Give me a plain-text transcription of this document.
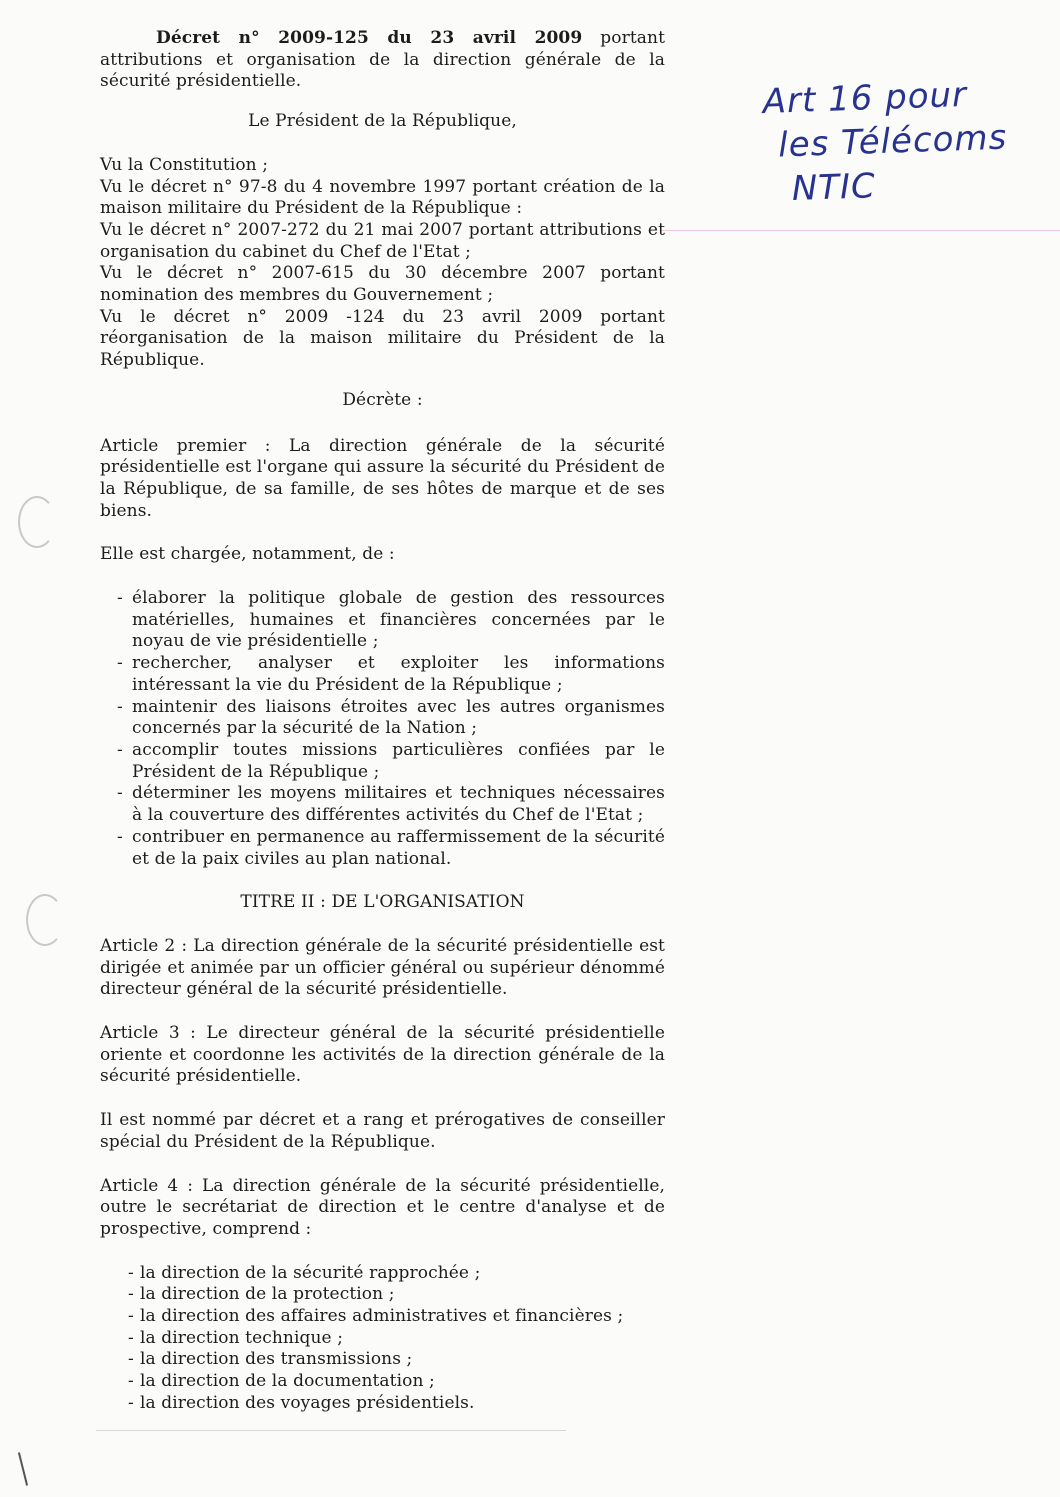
Décret n° 2009-125 du 23 avril 2009 portant attributions et organisation de la direction générale de la sécurité présidentielle.

Le Président de la République,

Vu la Constitution ;

Vu le décret n° 97-8 du 4 novembre 1997 portant création de la maison militaire du Président de la République :

Vu le décret n° 2007-272 du 21 mai 2007 portant attributions et organisation du cabinet du Chef de l'Etat ;

Vu le décret n° 2007-615 du 30 décembre 2007 portant nomination des membres du Gouvernement ;

Vu le décret n° 2009 -124 du 23 avril 2009 portant réorganisation de la maison militaire du Président de la République.

Décrète :

Article premier : La direction générale de la sécurité présidentielle est l'organe qui assure la sécurité du Président de la République, de sa famille, de ses hôtes de marque et de ses biens.

Elle est chargée, notamment, de :

- élaborer la politique globale de gestion des ressources matérielles, humaines et financières concernées par le noyau de vie présidentielle ;
- rechercher, analyser et exploiter les informations intéressant la vie du Président de la République ;
- maintenir des liaisons étroites avec les autres organismes concernés par la sécurité de la Nation ;
- accomplir toutes missions particulières confiées par le Président de la République ;
- déterminer les moyens militaires et techniques nécessaires à la couverture des différentes activités du Chef de l'Etat ;
- contribuer en permanence au raffermissement de la sécurité et de la paix civiles au plan national.

TITRE II : DE L'ORGANISATION

Article 2 : La direction générale de la sécurité présidentielle est dirigée et animée par un officier général ou supérieur dénommé directeur général de la sécurité présidentielle.

Article 3 : Le directeur général de la sécurité présidentielle oriente et coordonne les activités de la direction générale de la sécurité présidentielle.

Il est nommé par décret et a rang et prérogatives de conseiller spécial du Président de la République.

Article 4 : La direction générale de la sécurité présidentielle, outre le secrétariat de direction et le centre d'analyse et de prospective, comprend :

- la direction de la sécurité rapprochée ;
- la direction de la protection ;
- la direction des affaires administratives et financières ;
- la direction technique ;
- la direction des transmissions ;
- la direction de la documentation ;
- la direction des voyages présidentiels.
Art 16 pour
les Télécoms
NTIC
